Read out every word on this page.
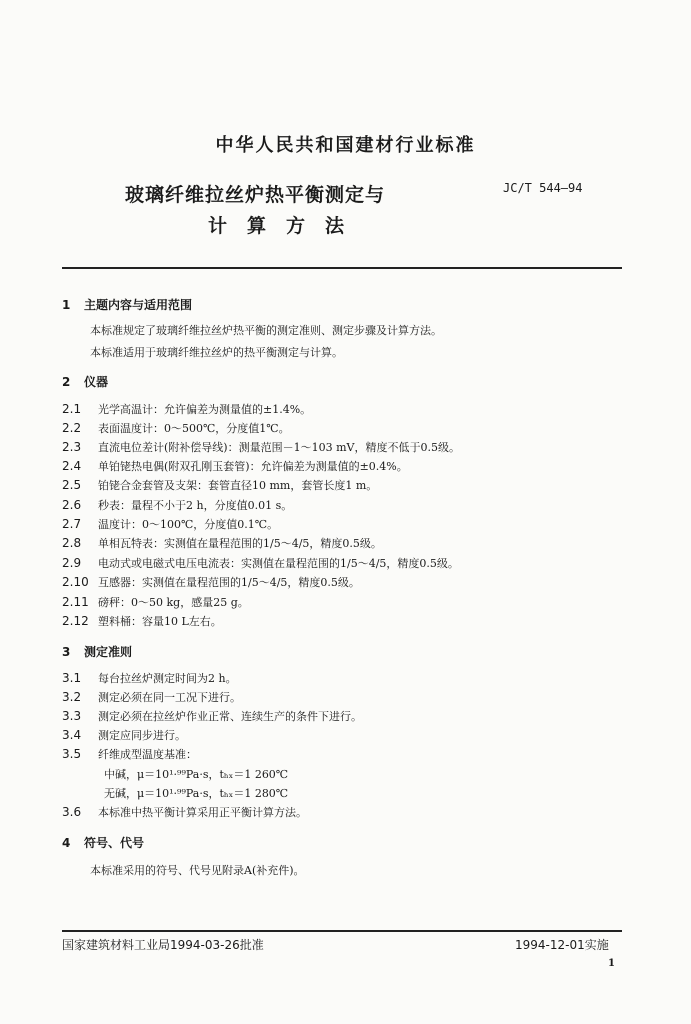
中华人民共和国建材行业标准
玻璃纤维拉丝炉热平衡测定与
计算方法
JC/T 544—94
1 主题内容与适用范围
本标准规定了玻璃纤维拉丝炉热平衡的测定准则、测定步骤及计算方法。
本标准适用于玻璃纤维拉丝炉的热平衡测定与计算。
2 仪器
2.1 光学高温计：允许偏差为测量值的±1.4%。
2.2 表面温度计：0～500℃，分度值1℃。
2.3 直流电位差计(附补偿导线)：测量范围－1～103 mV，精度不低于0.5级。
2.4 单铂铑热电偶(附双孔刚玉套管)：允许偏差为测量值的±0.4%。
2.5 铂铑合金套管及支架：套管直径10 mm，套管长度1 m。
2.6 秒表：量程不小于2 h，分度值0.01 s。
2.7 温度计：0～100℃，分度值0.1℃。
2.8 单相瓦特表：实测值在量程范围的1/5～4/5，精度0.5级。
2.9 电动式或电磁式电压电流表：实测值在量程范围的1/5～4/5，精度0.5级。
2.10 互感器：实测值在量程范围的1/5～4/5，精度0.5级。
2.11 磅秤：0～50 kg，感量25 g。
2.12 塑料桶：容量10 L左右。
3 测定准则
3.1 每台拉丝炉测定时间为2 h。
3.2 测定必须在同一工况下进行。
3.3 测定必须在拉丝炉作业正常、连续生产的条件下进行。
3.4 测定应同步进行。
3.5 纤维成型温度基准：
中碱，μ＝10¹·⁹⁹Pa·s，tₕₓ＝1 260℃
无碱，μ＝10¹·⁹⁹Pa·s，tₕₓ＝1 280℃
3.6 本标准中热平衡计算采用正平衡计算方法。
4 符号、代号
本标准采用的符号、代号见附录A(补充件)。
国家建筑材料工业局1994-03-26批准	1994-12-01实施
1
